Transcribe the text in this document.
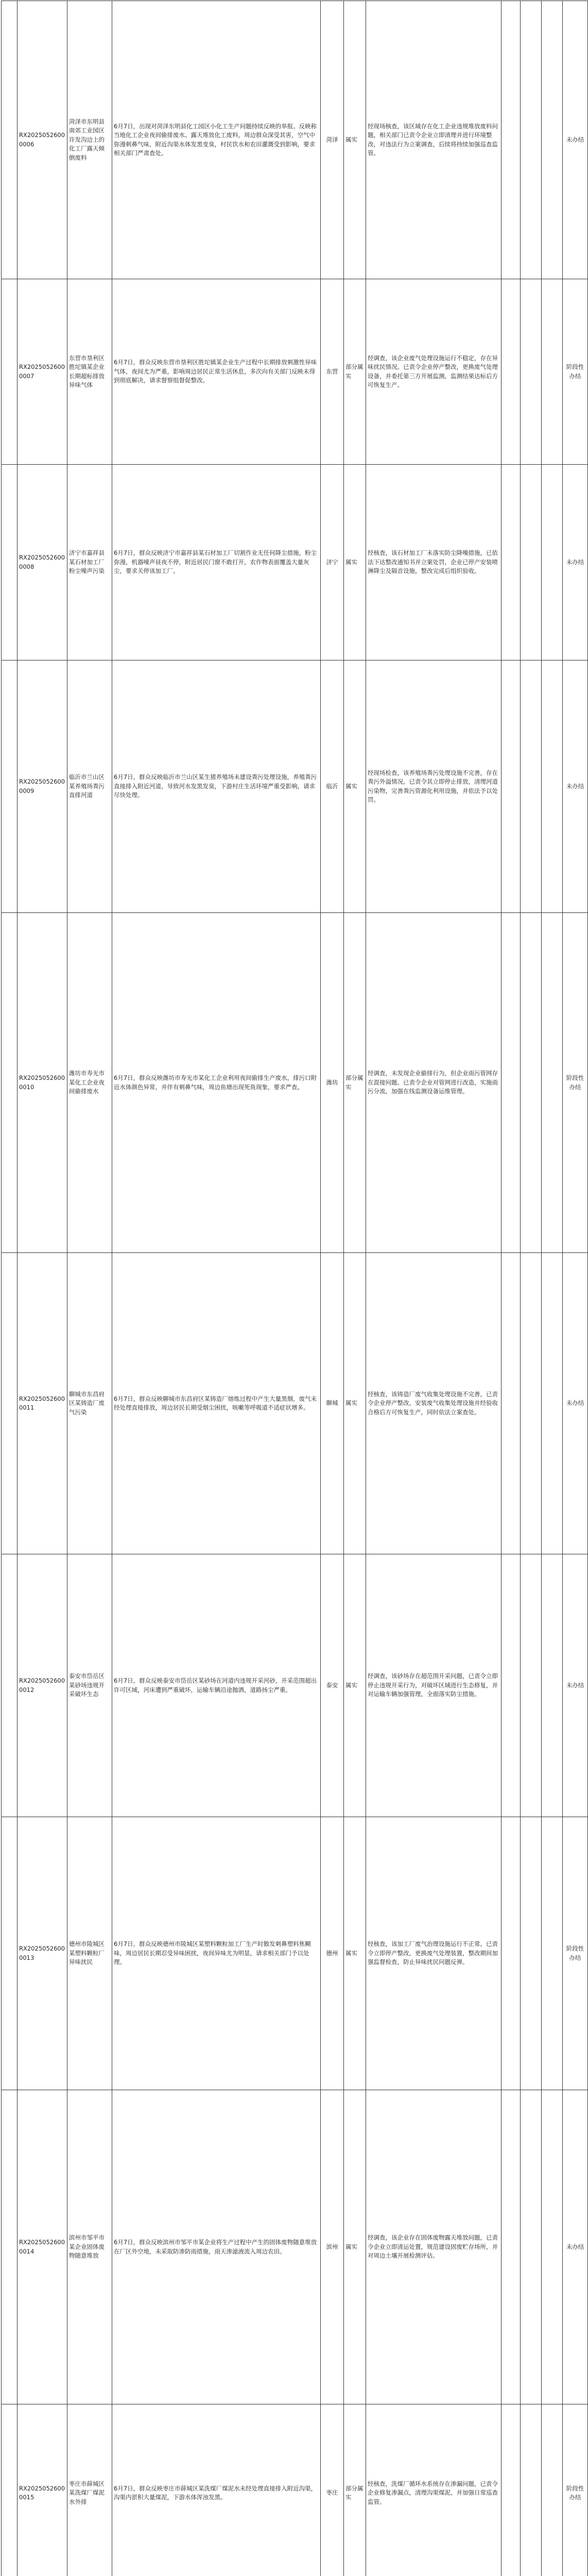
	RX20250526000006	菏泽市东明县南郊工业园区许发沟边上的化工厂露天倾倒废料	6月7日，出现对菏泽东明县化工园区小化工生产问题持续反映的举报。反映称当地化工企业夜间偷排废水、露天堆放化工废料，周边群众深受其害，空气中弥漫刺鼻气味，附近沟渠水体发黑变臭，村民饮水和农田灌溉受到影响，要求相关部门严肃查处。	菏泽	属实	经现场核查，该区域存在化工企业违规堆放废料问题，相关部门已责令企业立即清理并进行环境整改，对违法行为立案调查，后续将持续加强巡查监管。				未办结
	RX20250526000007	东营市垦利区胜坨镇某企业长期超标排放异味气体	6月7日，群众反映东营市垦利区胜坨镇某企业生产过程中长期排放刺激性异味气体，夜间尤为严重，影响周边居民正常生活休息，多次向有关部门反映未得到彻底解决，请求督察组督促整改。	东营	部分属实	经调查，该企业废气处理设施运行不稳定，存在异味扰民情况。已责令企业停产整改，更换废气处理设备，并委托第三方开展监测，监测结果达标后方可恢复生产。				阶段性办结
	RX20250526000008	济宁市嘉祥县某石材加工厂粉尘噪声污染	6月7日，群众反映济宁市嘉祥县某石材加工厂切割作业无任何降尘措施，粉尘弥漫，机器噪声昼夜不停，附近居民门窗不敢打开，农作物表面覆盖大量灰尘，要求关停该加工厂。	济宁	属实	经核查，该石材加工厂未落实防尘降噪措施，已依法下达整改通知书并立案处罚，企业已停产安装喷淋降尘及隔音设施，整改完成后组织验收。				未办结
	RX20250526000009	临沂市兰山区某养殖场粪污直排河道	6月7日，群众反映临沂市兰山区某生猪养殖场未建设粪污处理设施，养殖粪污直接排入附近河道，导致河水发黑发臭，下游村庄生活环境严重受影响，请求尽快处理。	临沂	属实	经现场检查，该养殖场粪污处理设施不完善，存在粪污外溢情况。已责令其立即停止排放，清理河道污染物，完善粪污资源化利用设施，并依法予以处罚。				未办结
	RX20250526000010	潍坊市寿光市某化工企业夜间偷排废水	6月7日，群众反映潍坊市寿光市某化工企业利用夜间偷排生产废水，排污口附近水体颜色异常，并伴有刺鼻气味，周边鱼塘出现死鱼现象，要求严查。	潍坊	部分属实	经调查，未发现企业偷排行为，但企业雨污管网存在混接问题。已责令企业对管网进行改造，实施雨污分流，加强在线监测设备运维管理。				阶段性办结
	RX20250526000011	聊城市东昌府区某铸造厂废气污染	6月7日，群众反映聊城市东昌府区某铸造厂熔炼过程中产生大量黑烟，废气未经处理直接排放，周边居民长期受烟尘困扰，咳嗽等呼吸道不适症状增多。	聊城	属实	经核查，该铸造厂废气收集处理设施不完善，已责令企业停产整改，安装废气收集处理设施并经验收合格后方可恢复生产，同时依法立案查处。				未办结
	RX20250526000012	泰安市岱岳区某砂场违规开采破坏生态	6月7日，群众反映泰安市岱岳区某砂场在河道内违规开采河砂，开采范围超出许可区域，河床遭到严重破坏，运输车辆沿途抛洒，道路扬尘严重。	泰安	属实	经调查，该砂场存在超范围开采问题，已责令立即停止违规开采行为，对破坏区域进行生态修复，并对运输车辆加强管理，全面落实防尘措施。				未办结
	RX20250526000013	德州市陵城区某塑料颗粒厂异味扰民	6月7日，群众反映德州市陵城区某塑料颗粒加工厂生产时散发刺鼻塑料焦糊味，周边居民长期忍受异味困扰，夜间异味尤为明显，请求相关部门予以处理。	德州	属实	经核查，该加工厂废气治理设施运行不正常，已责令立即停产整改，更换废气处理装置，整改期间加强监督检查，防止异味扰民问题反弹。				阶段性办结
	RX20250526000014	滨州市邹平市某企业固体废物随意堆放	6月7日，群众反映滨州市邹平市某企业将生产过程中产生的固体废物随意堆放在厂区外空地，未采取防渗防雨措施，雨天渗滤液流入周边农田。	滨州	属实	经调查，该企业存在固体废物露天堆放问题，已责令企业立即清运处置，规范建设固废贮存场所，并对周边土壤开展检测评估。				未办结
	RX20250526000015	枣庄市薛城区某洗煤厂煤泥水外排	6月7日，群众反映枣庄市薛城区某洗煤厂煤泥水未经处理直接排入附近沟渠，沟渠内淤积大量煤泥，下游水体浑浊发黑。	枣庄	部分属实	经核查，洗煤厂循环水系统存在渗漏问题，已责令企业修复渗漏点，清理沟渠煤泥，并加强日常巡查监管。				阶段性办结
